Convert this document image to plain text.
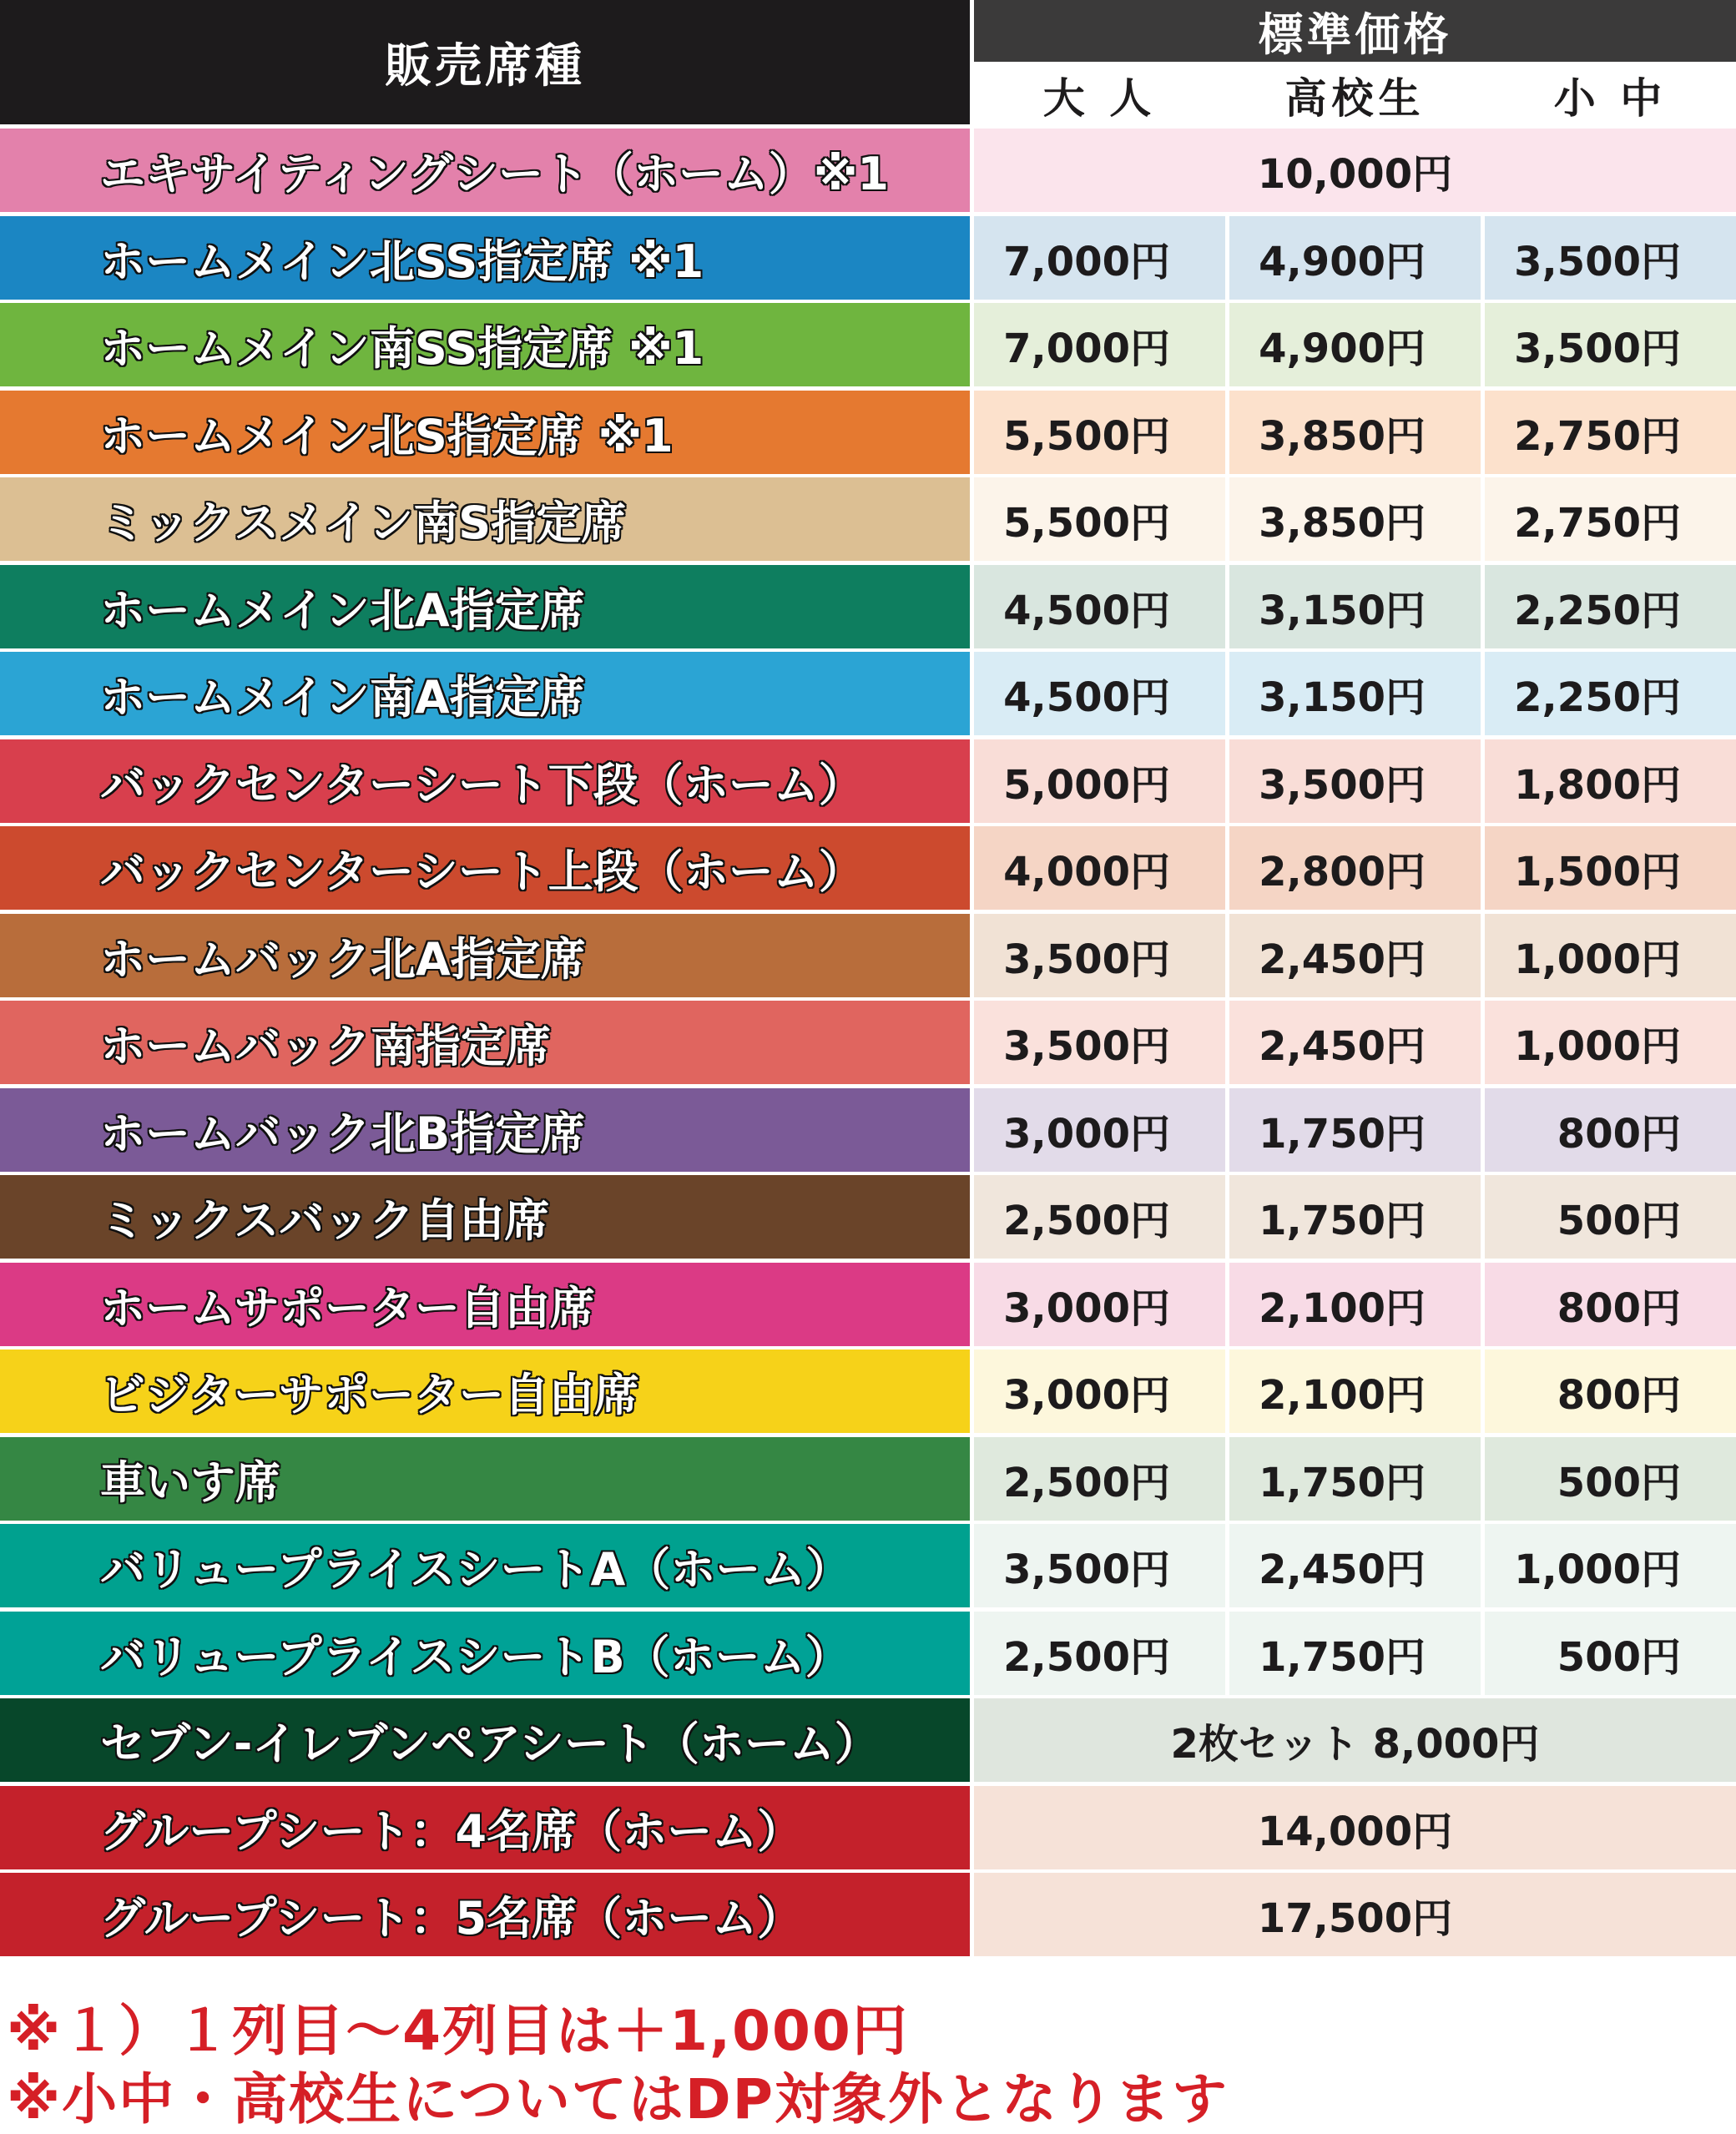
販売席種
標準価格
大 人	高校生	小 中
エキサイティングシート（ホーム）※1	10,000円
ホームメイン北SS指定席 ※1	7,000円	4,900円	3,500円
ホームメイン南SS指定席 ※1	7,000円	4,900円	3,500円
ホームメイン北S指定席 ※1	5,500円	3,850円	2,750円
ミックスメイン南S指定席	5,500円	3,850円	2,750円
ホームメイン北A指定席	4,500円	3,150円	2,250円
ホームメイン南A指定席	4,500円	3,150円	2,250円
バックセンターシート下段（ホーム）	5,000円	3,500円	1,800円
バックセンターシート上段（ホーム）	4,000円	2,800円	1,500円
ホームバック北A指定席	3,500円	2,450円	1,000円
ホームバック南指定席	3,500円	2,450円	1,000円
ホームバック北B指定席	3,000円	1,750円	800円
ミックスバック自由席	2,500円	1,750円	500円
ホームサポーター自由席	3,000円	2,100円	800円
ビジターサポーター自由席	3,000円	2,100円	800円
車いす席	2,500円	1,750円	500円
バリュープライスシートA（ホーム）	3,500円	2,450円	1,000円
バリュープライスシートB（ホーム）	2,500円	1,750円	500円
セブン-イレブンペアシート（ホーム）	2枚セット 8,000円
グループシート：4名席（ホーム）	14,000円
グループシート：5名席（ホーム）	17,500円
※１）１列目〜4列目は＋1,000円
※小中・高校生についてはDP対象外となります
